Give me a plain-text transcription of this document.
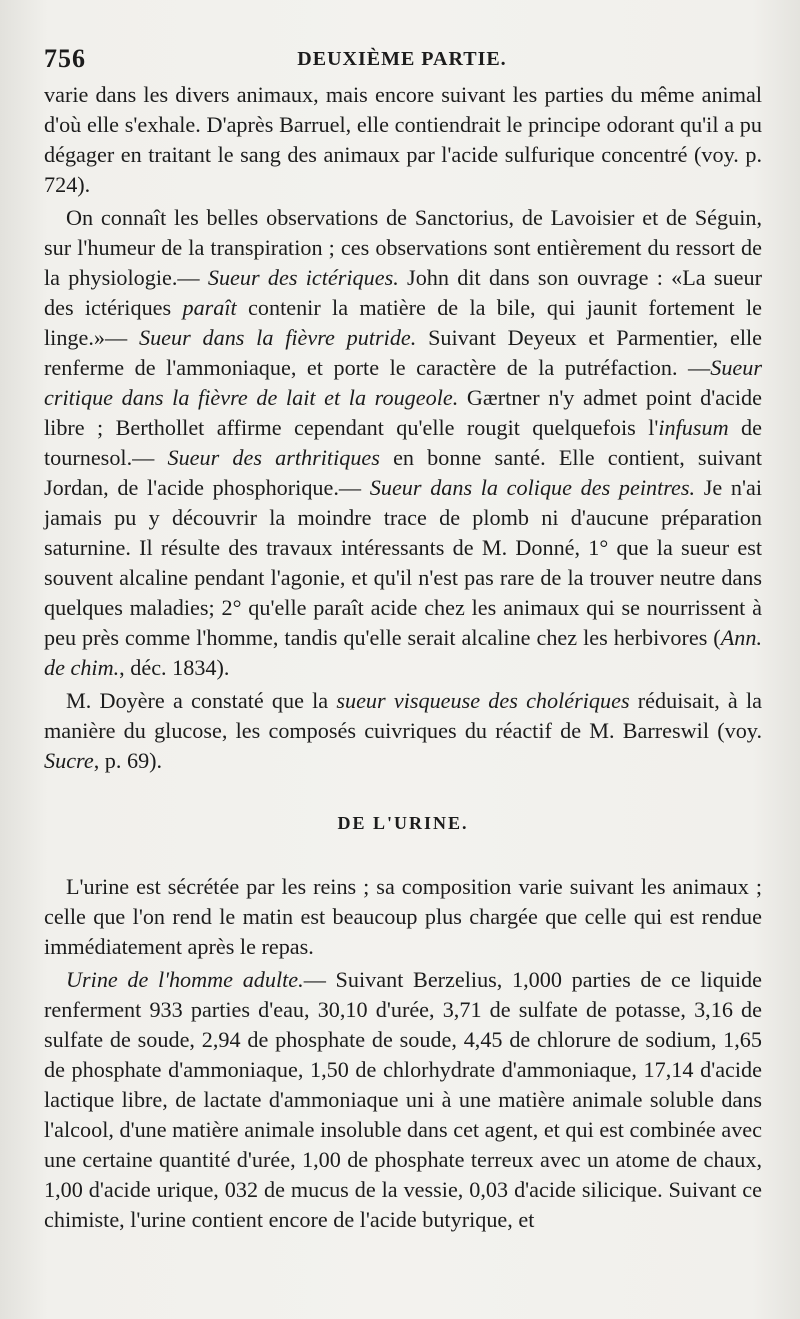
756	DEUXIÈME PARTIE.

varie dans les divers animaux, mais encore suivant les parties du même animal d'où elle s'exhale. D'après Barruel, elle contiendrait le principe odorant qu'il a pu dégager en traitant le sang des animaux par l'acide sulfurique concentré (voy. p. 724).

On connaît les belles observations de Sanctorius, de Lavoisier et de Séguin, sur l'humeur de la transpiration ; ces observations sont entièrement du ressort de la physiologie.— Sueur des ictériques. John dit dans son ouvrage : «La sueur des ictériques paraît contenir la matière de la bile, qui jaunit fortement le linge.»— Sueur dans la fièvre putride. Suivant Deyeux et Parmentier, elle renferme de l'ammoniaque, et porte le caractère de la putréfaction. —Sueur critique dans la fièvre de lait et la rougeole. Gærtner n'y admet point d'acide libre ; Berthollet affirme cependant qu'elle rougit quelquefois l'infusum de tournesol.— Sueur des arthritiques en bonne santé. Elle contient, suivant Jordan, de l'acide phosphorique.— Sueur dans la colique des peintres. Je n'ai jamais pu y découvrir la moindre trace de plomb ni d'aucune préparation saturnine. Il résulte des travaux intéressants de M. Donné, 1° que la sueur est souvent alcaline pendant l'agonie, et qu'il n'est pas rare de la trouver neutre dans quelques maladies; 2° qu'elle paraît acide chez les animaux qui se nourrissent à peu près comme l'homme, tandis qu'elle serait alcaline chez les herbivores (Ann. de chim., déc. 1834).

M. Doyère a constaté que la sueur visqueuse des cholériques réduisait, à la manière du glucose, les composés cuivriques du réactif de M. Barreswil (voy. Sucre, p. 69).

DE L'URINE.

L'urine est sécrétée par les reins ; sa composition varie suivant les animaux ; celle que l'on rend le matin est beaucoup plus chargée que celle qui est rendue immédiatement après le repas.

Urine de l'homme adulte.— Suivant Berzelius, 1,000 parties de ce liquide renferment 933 parties d'eau, 30,10 d'urée, 3,71 de sulfate de potasse, 3,16 de sulfate de soude, 2,94 de phosphate de soude, 4,45 de chlorure de sodium, 1,65 de phosphate d'ammoniaque, 1,50 de chlorhydrate d'ammoniaque, 17,14 d'acide lactique libre, de lactate d'ammoniaque uni à une matière animale soluble dans l'alcool, d'une matière animale insoluble dans cet agent, et qui est combinée avec une certaine quantité d'urée, 1,00 de phosphate terreux avec un atome de chaux, 1,00 d'acide urique, 032 de mucus de la vessie, 0,03 d'acide silicique. Suivant ce chimiste, l'urine contient encore de l'acide butyrique, et
